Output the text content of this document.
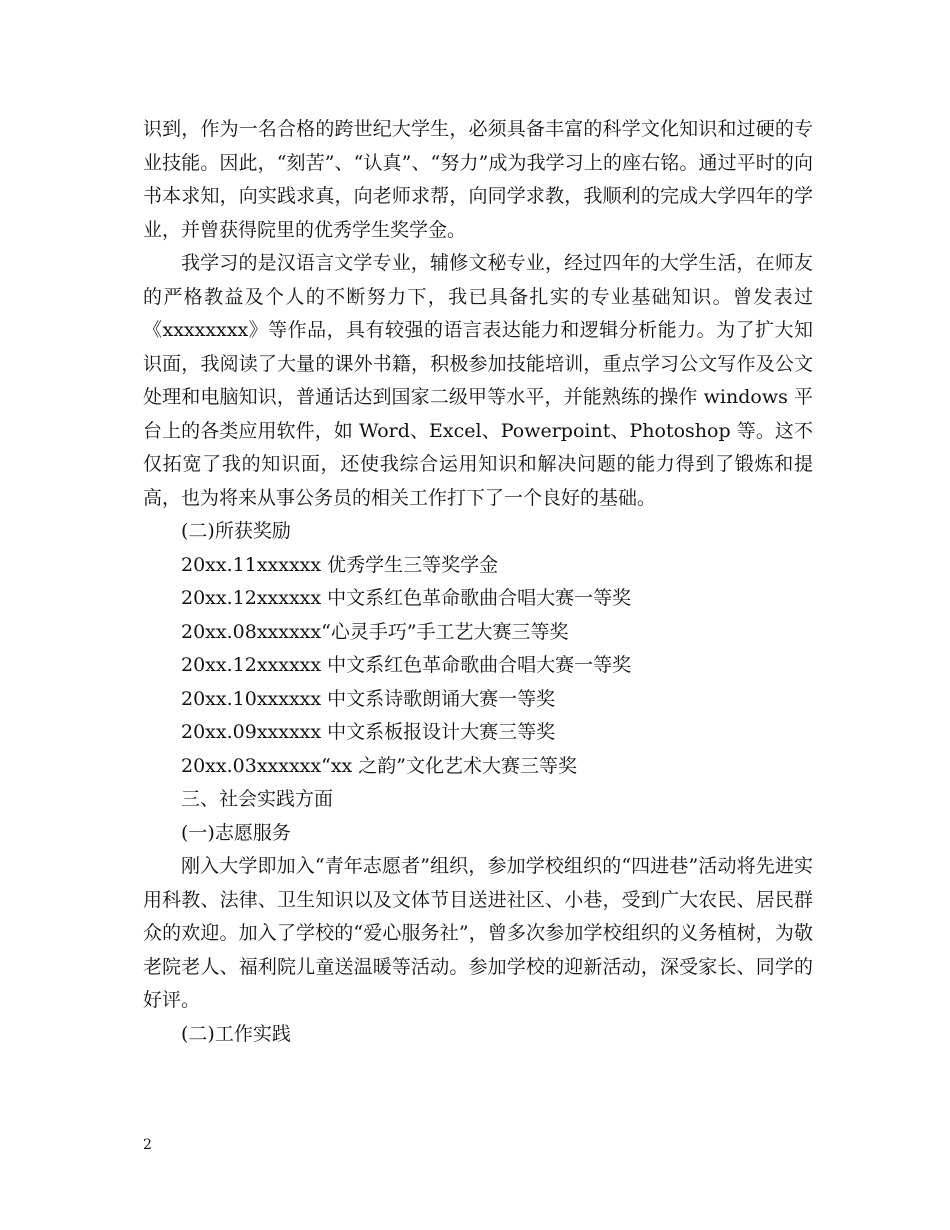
识到，作为一名合格的跨世纪大学生，必须具备丰富的科学文化知识和过硬的专业技能。因此，“刻苦”、“认真”、“努力”成为我学习上的座右铭。通过平时的向书本求知，向实践求真，向老师求帮，向同学求教，我顺利的完成大学四年的学业，并曾获得院里的优秀学生奖学金。

我学习的是汉语言文学专业，辅修文秘专业，经过四年的大学生活，在师友的严格教益及个人的不断努力下，我已具备扎实的专业基础知识。曾发表过《xxxxxxxx》等作品，具有较强的语言表达能力和逻辑分析能力。为了扩大知识面，我阅读了大量的课外书籍，积极参加技能培训，重点学习公文写作及公文处理和电脑知识，普通话达到国家二级甲等水平，并能熟练的操作 windows 平台上的各类应用软件，如 Word、Excel、Powerpoint、Photoshop 等。这不仅拓宽了我的知识面，还使我综合运用知识和解决问题的能力得到了锻炼和提高，也为将来从事公务员的相关工作打下了一个良好的基础。

(二)所获奖励
20xx.11xxxxxx 优秀学生三等奖学金
20xx.12xxxxxx 中文系红色革命歌曲合唱大赛一等奖
20xx.08xxxxxx“心灵手巧”手工艺大赛三等奖
20xx.12xxxxxx 中文系红色革命歌曲合唱大赛一等奖
20xx.10xxxxxx 中文系诗歌朗诵大赛一等奖
20xx.09xxxxxx 中文系板报设计大赛三等奖
20xx.03xxxxxx“xx 之韵”文化艺术大赛三等奖
三、社会实践方面
(一)志愿服务

刚入大学即加入“青年志愿者”组织，参加学校组织的“四进巷”活动将先进实用科教、法律、卫生知识以及文体节目送进社区、小巷，受到广大农民、居民群众的欢迎。加入了学校的“爱心服务社”，曾多次参加学校组织的义务植树，为敬老院老人、福利院儿童送温暖等活动。参加学校的迎新活动，深受家长、同学的好评。

(二)工作实践
2
